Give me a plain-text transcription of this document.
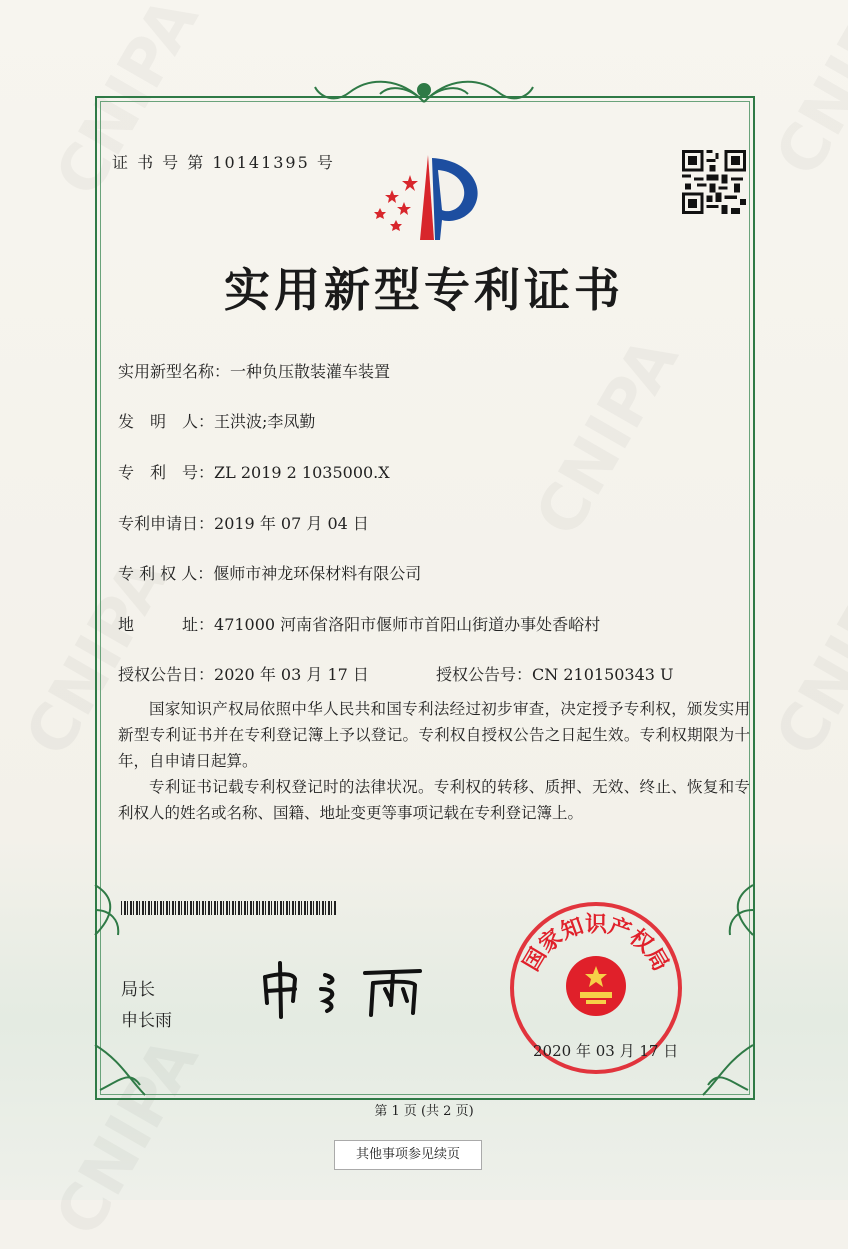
证 书 号 第 10141395 号
实用新型专利证书
实用新型名称：一种负压散装灌车装置
发　明　人：王洪波;李凤勤
专　利　号：ZL 2019 2 1035000.X
专利申请日：2019 年 07 月 04 日
专 利 权 人：偃师市神龙环保材料有限公司
地　　　址：471000 河南省洛阳市偃师市首阳山街道办事处香峪村
授权公告日：2020 年 03 月 17 日	授权公告号：CN 210150343 U
国家知识产权局依照中华人民共和国专利法经过初步审查，决定授予专利权，颁发实用新型专利证书并在专利登记簿上予以登记。专利权自授权公告之日起生效。专利权期限为十年，自申请日起算。
专利证书记载专利权登记时的法律状况。专利权的转移、质押、无效、终止、恢复和专利权人的姓名或名称、国籍、地址变更等事项记载在专利登记簿上。
局长
申长雨
国家知识产权局
2020 年 03 月 17 日
第 1 页 (共 2 页)
其他事项参见续页
